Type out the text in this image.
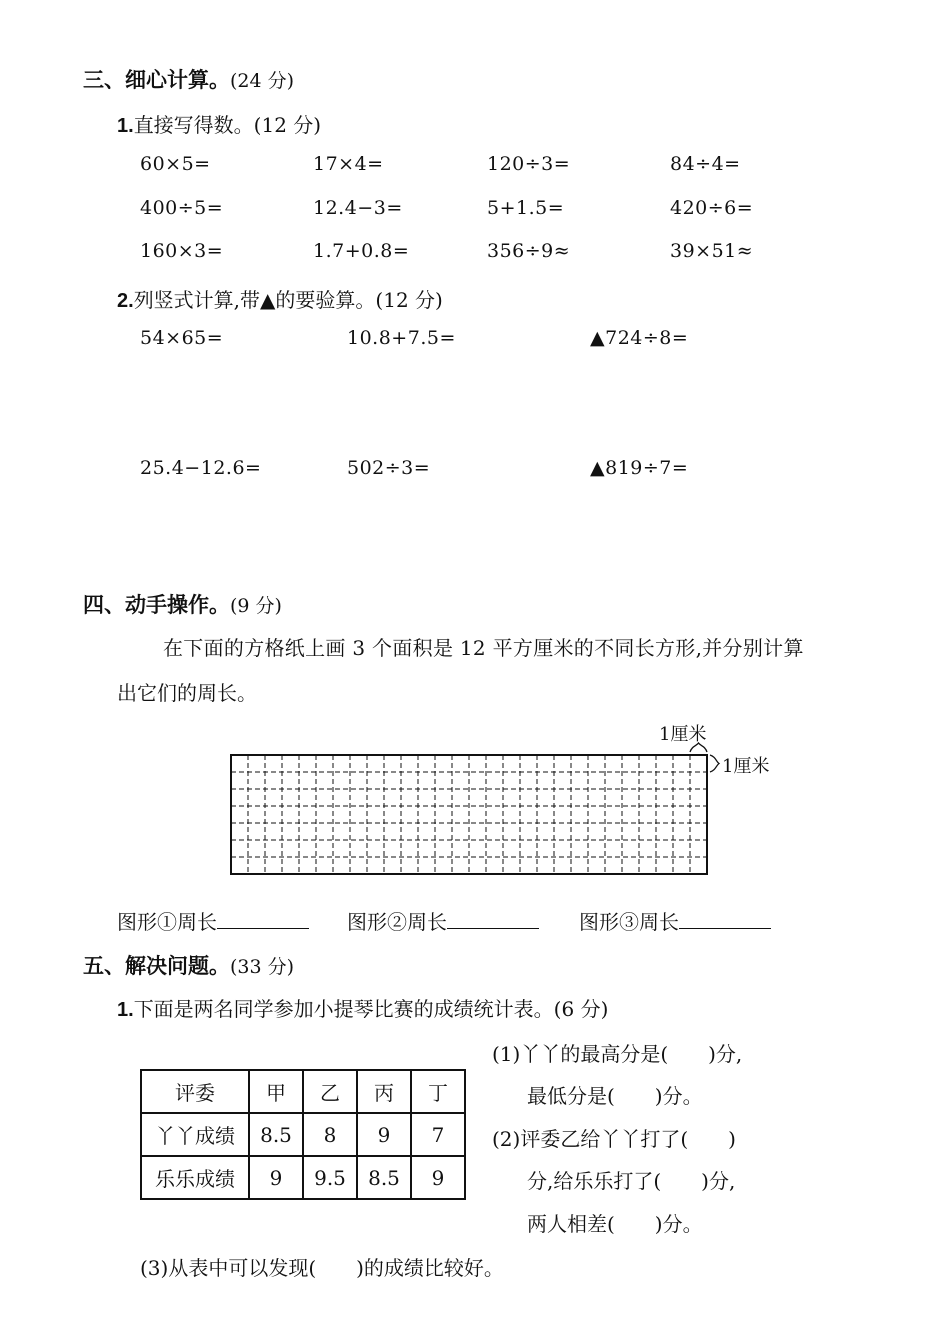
三、细心计算。(24 分)
1.直接写得数。(12 分)
60×5=	17×4=	120÷3=	84÷4=
400÷5=	12.4−3=	5+1.5=	420÷6=
160×3=	1.7+0.8=	356÷9≈	39×51≈
2.列竖式计算,带▲的要验算。(12 分)
54×65=	10.8+7.5=	▲724÷8=
25.4−12.6=	502÷3=	▲819÷7=
四、动手操作。(9 分)
在下面的方格纸上画 3 个面积是 12 平方厘米的不同长方形,并分别计算
出它们的周长。
1厘米
1厘米
图形①周长	图形②周长	图形③周长
五、解决问题。(33 分)
1.下面是两名同学参加小提琴比赛的成绩统计表。(6 分)
评委	甲	乙	丙	丁
丫丫成绩	8.5	8	9	7
乐乐成绩	9	9.5	8.5	9
(1)丫丫的最高分是(　　)分,
最低分是(　　)分。
(2)评委乙给丫丫打了(　　)
分,给乐乐打了(　　)分,
两人相差(　　)分。
(3)从表中可以发现(　　)的成绩比较好。
